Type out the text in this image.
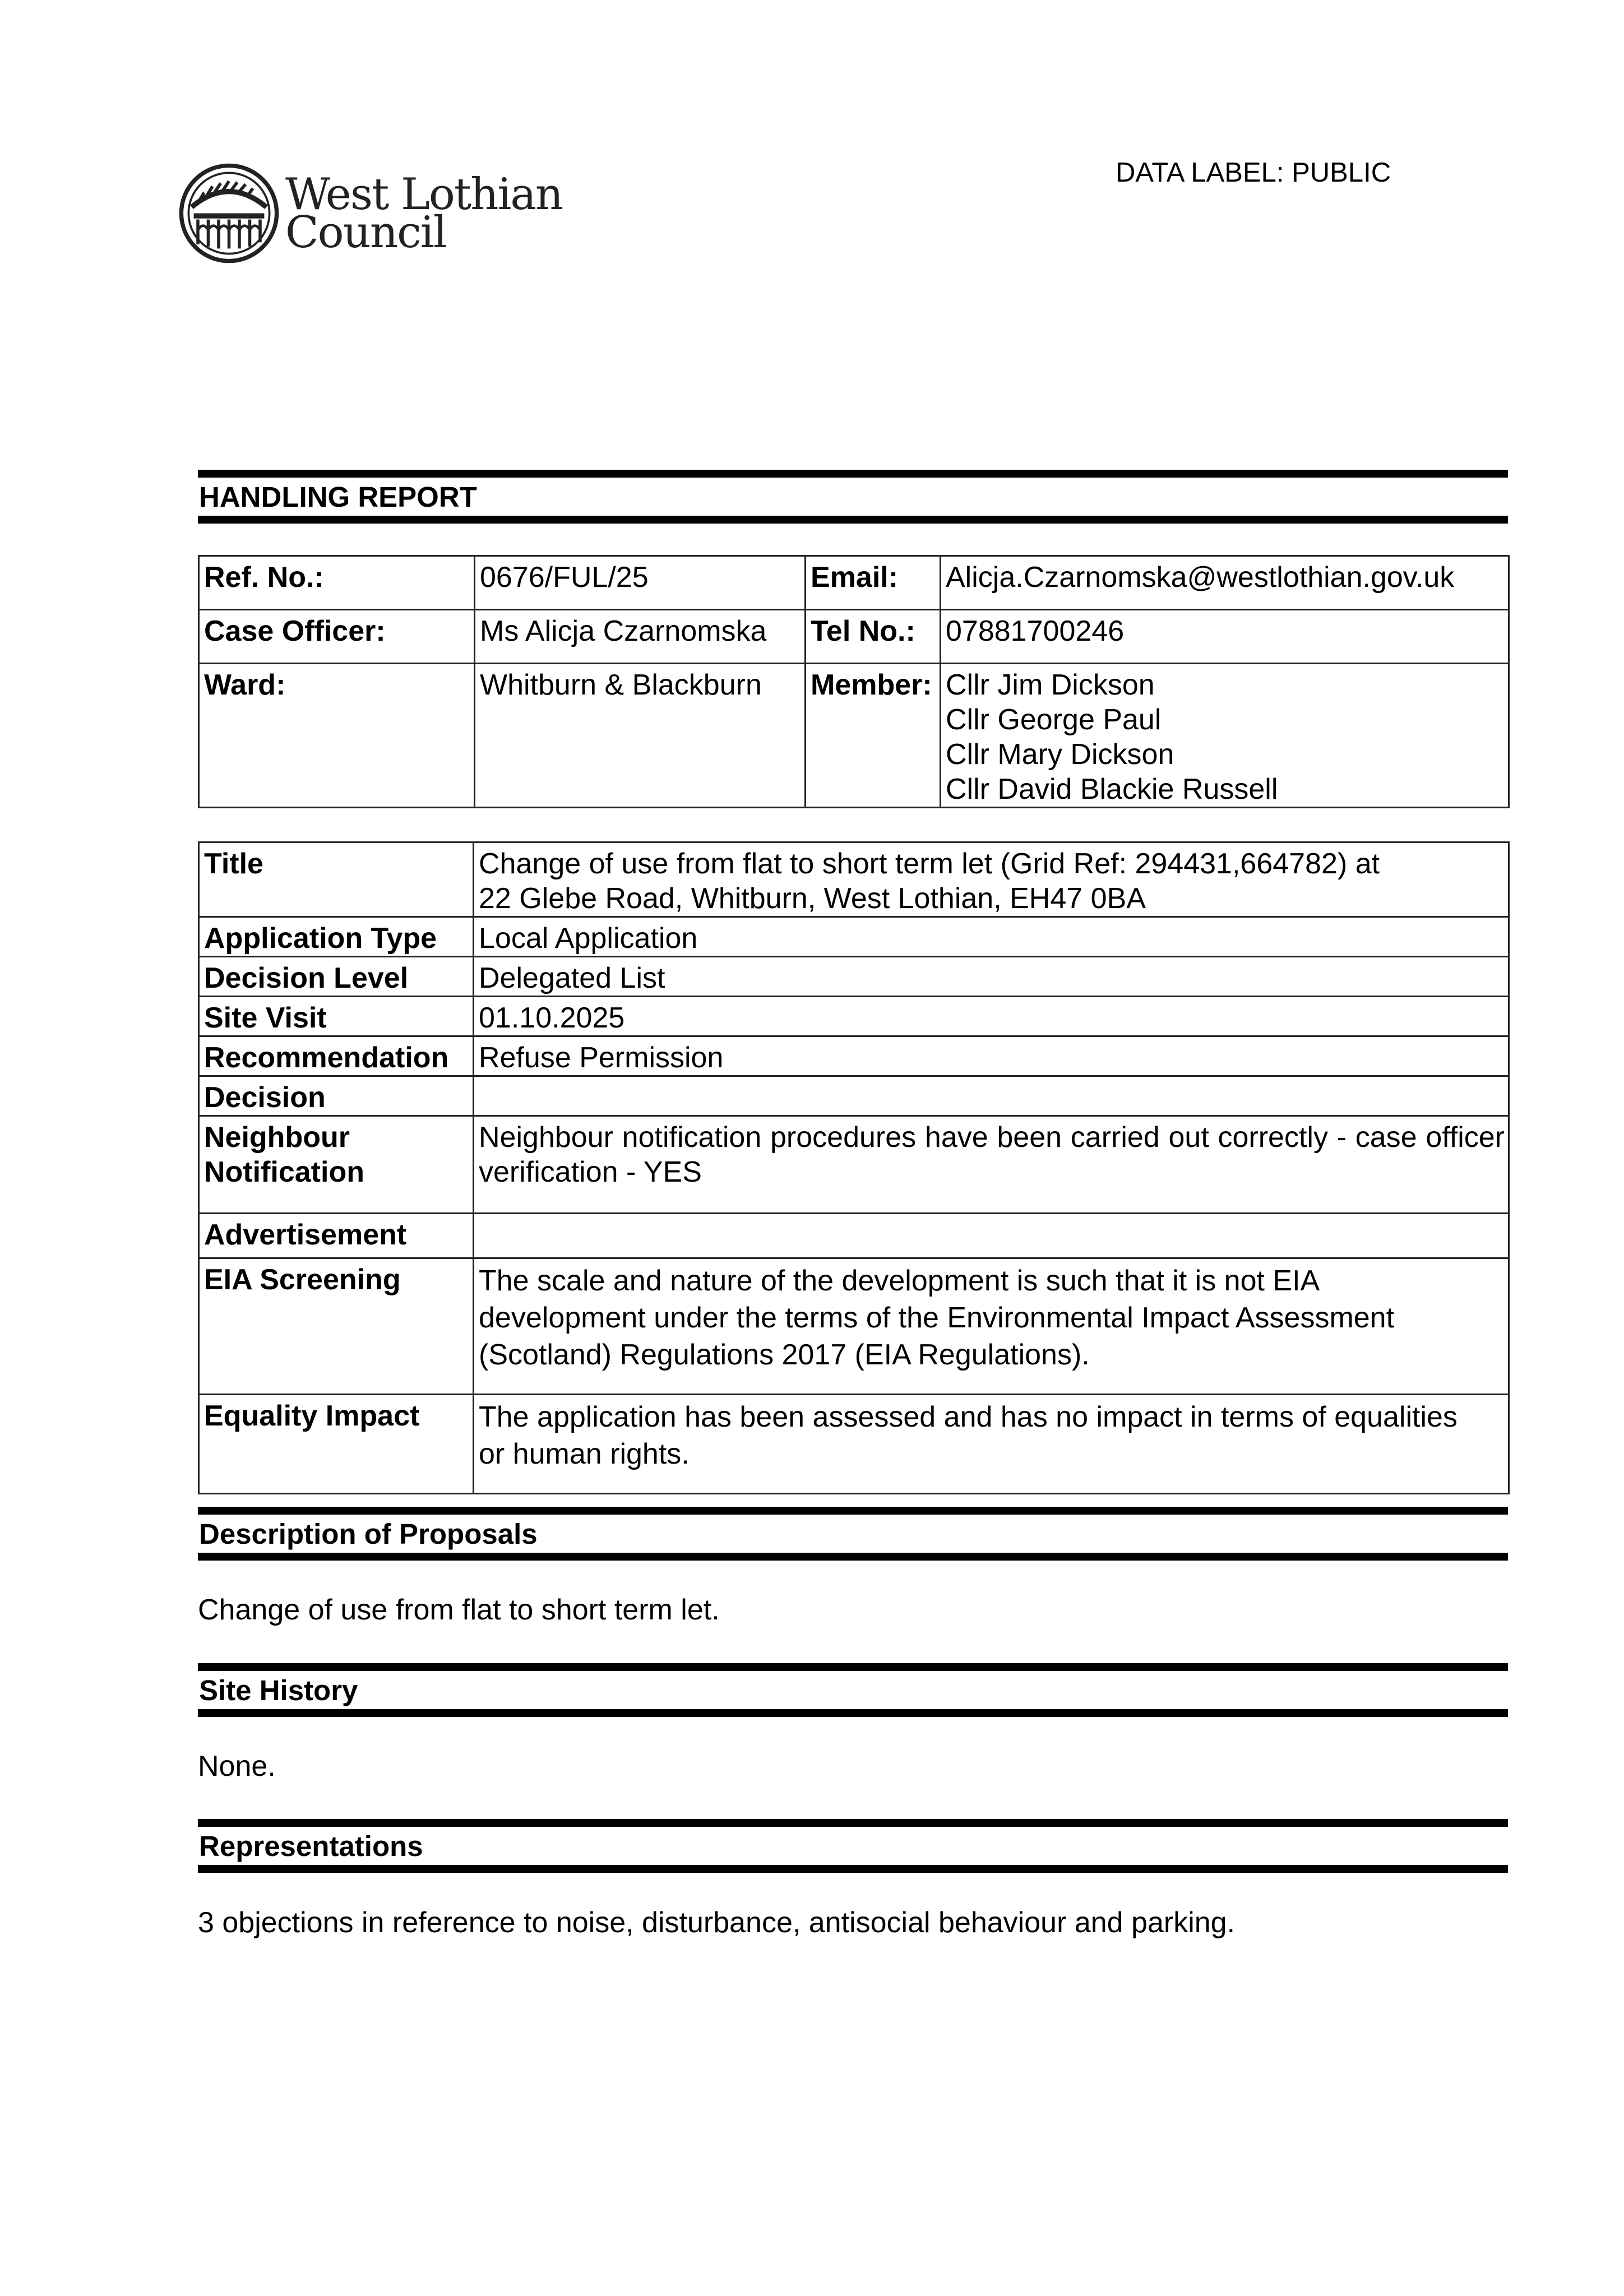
West Lothian
Council
DATA LABEL: PUBLIC
HANDLING REPORT
Ref. No.:	0676/FUL/25	Email:	Alicja.Czarnomska@westlothian.gov.uk
Case Officer:	Ms Alicja Czarnomska	Tel No.:	07881700246
Ward:	Whitburn & Blackburn	Member:	Cllr Jim Dickson
Cllr George Paul
Cllr Mary Dickson
Cllr David Blackie Russell
Title	Change of use from flat to short term let (Grid Ref: 294431,664782) at
22 Glebe Road, Whitburn, West Lothian, EH47 0BA

Application Type	Local Application
Decision Level	Delegated List
Site Visit	01.10.2025
Recommendation	Refuse Permission
Decision	

Neighbour
Notification	Neighbour notification procedures have been carried out correctly - case officer verification - YES
Advertisement	
EIA Screening	The scale and nature of the development is such that it is not EIA
development under the terms of the Environmental Impact Assessment
(Scotland) Regulations 2017 (EIA Regulations).

Equality Impact	The application has been assessed and has no impact in terms of equalities
or human rights.
Description of Proposals
Change of use from flat to short term let.
Site History
None.
Representations
3 objections in reference to noise, disturbance, antisocial behaviour and parking.
